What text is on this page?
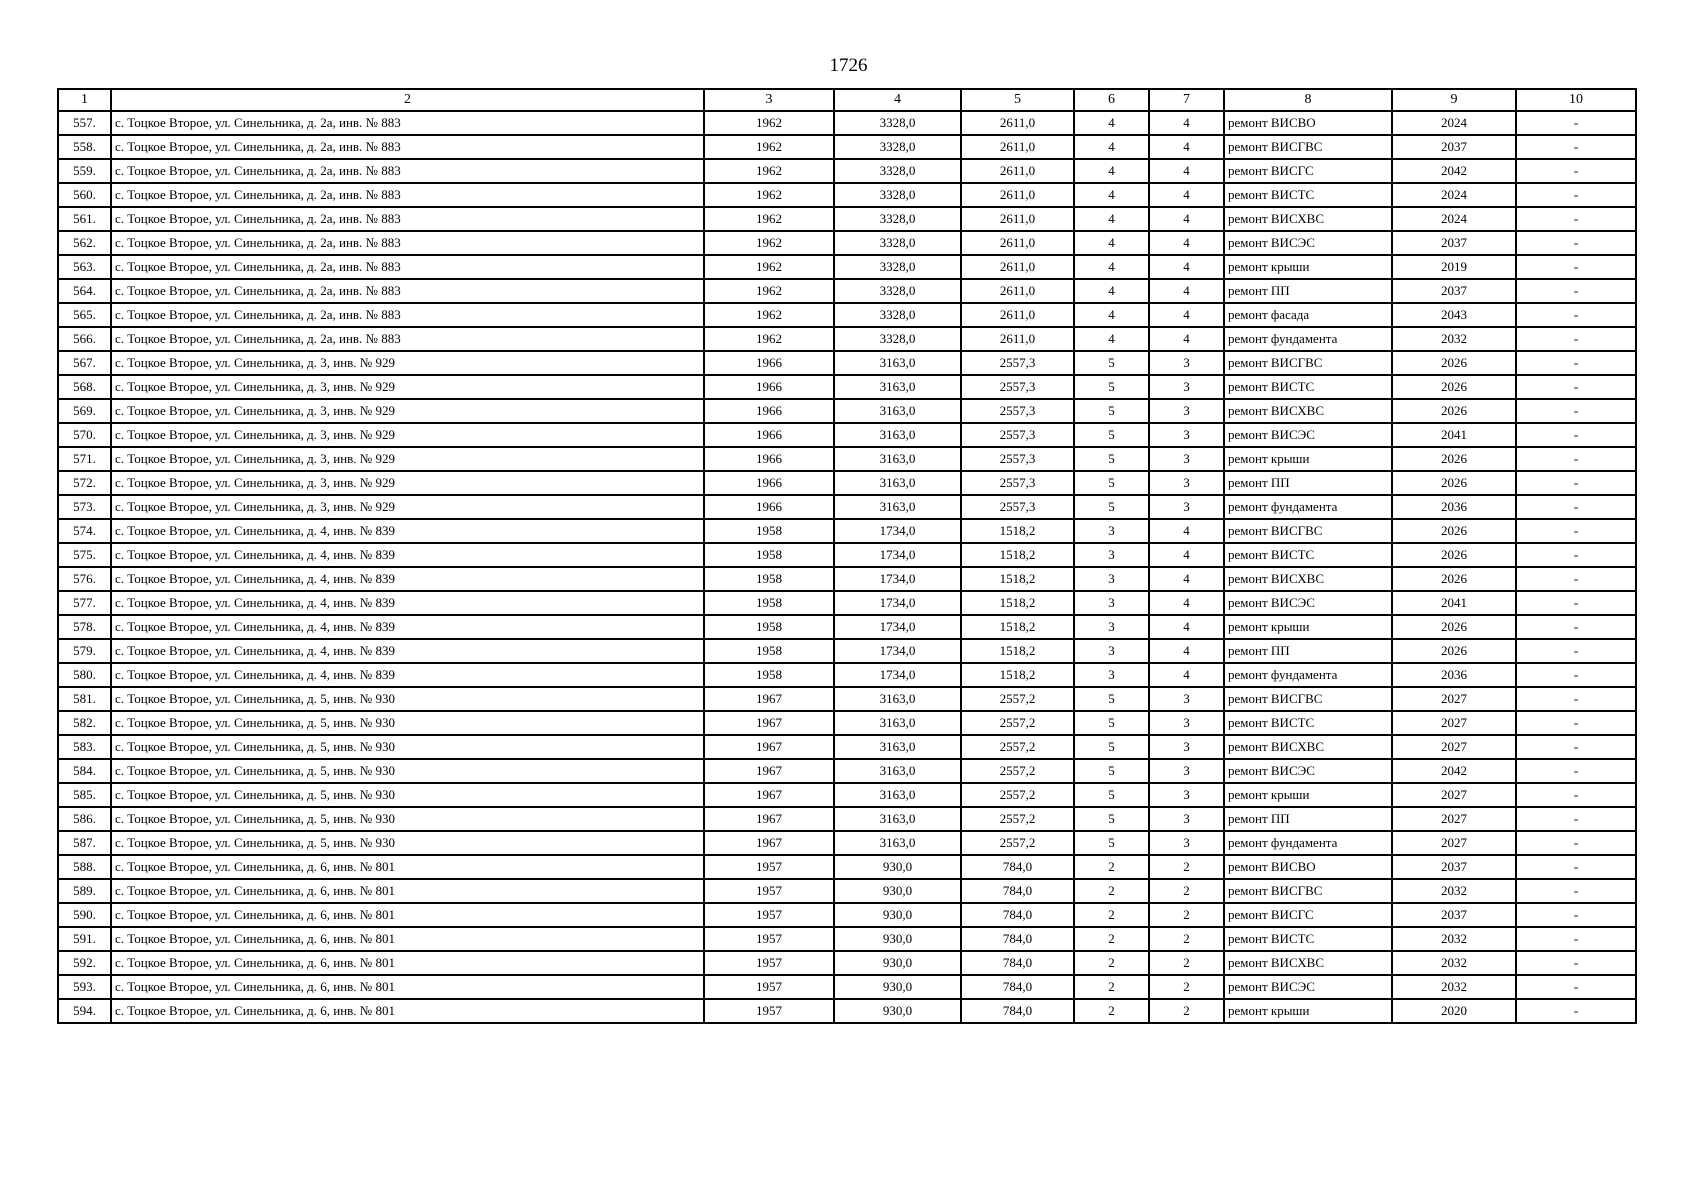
1726
1	2	3	4	5	6	7	8	9	10
557.	с. Тоцкое Второе, ул. Синельника, д. 2а, инв. № 883	1962	3328,0	2611,0	4	4	ремонт ВИСВО	2024	-
558.	с. Тоцкое Второе, ул. Синельника, д. 2а, инв. № 883	1962	3328,0	2611,0	4	4	ремонт ВИСГВС	2037	-
559.	с. Тоцкое Второе, ул. Синельника, д. 2а, инв. № 883	1962	3328,0	2611,0	4	4	ремонт ВИСГС	2042	-
560.	с. Тоцкое Второе, ул. Синельника, д. 2а, инв. № 883	1962	3328,0	2611,0	4	4	ремонт ВИСТС	2024	-
561.	с. Тоцкое Второе, ул. Синельника, д. 2а, инв. № 883	1962	3328,0	2611,0	4	4	ремонт ВИСХВС	2024	-
562.	с. Тоцкое Второе, ул. Синельника, д. 2а, инв. № 883	1962	3328,0	2611,0	4	4	ремонт ВИСЭС	2037	-
563.	с. Тоцкое Второе, ул. Синельника, д. 2а, инв. № 883	1962	3328,0	2611,0	4	4	ремонт крыши	2019	-
564.	с. Тоцкое Второе, ул. Синельника, д. 2а, инв. № 883	1962	3328,0	2611,0	4	4	ремонт ПП	2037	-
565.	с. Тоцкое Второе, ул. Синельника, д. 2а, инв. № 883	1962	3328,0	2611,0	4	4	ремонт фасада	2043	-
566.	с. Тоцкое Второе, ул. Синельника, д. 2а, инв. № 883	1962	3328,0	2611,0	4	4	ремонт фундамента	2032	-
567.	с. Тоцкое Второе, ул. Синельника, д. 3, инв. № 929	1966	3163,0	2557,3	5	3	ремонт ВИСГВС	2026	-
568.	с. Тоцкое Второе, ул. Синельника, д. 3, инв. № 929	1966	3163,0	2557,3	5	3	ремонт ВИСТС	2026	-
569.	с. Тоцкое Второе, ул. Синельника, д. 3, инв. № 929	1966	3163,0	2557,3	5	3	ремонт ВИСХВС	2026	-
570.	с. Тоцкое Второе, ул. Синельника, д. 3, инв. № 929	1966	3163,0	2557,3	5	3	ремонт ВИСЭС	2041	-
571.	с. Тоцкое Второе, ул. Синельника, д. 3, инв. № 929	1966	3163,0	2557,3	5	3	ремонт крыши	2026	-
572.	с. Тоцкое Второе, ул. Синельника, д. 3, инв. № 929	1966	3163,0	2557,3	5	3	ремонт ПП	2026	-
573.	с. Тоцкое Второе, ул. Синельника, д. 3, инв. № 929	1966	3163,0	2557,3	5	3	ремонт фундамента	2036	-
574.	с. Тоцкое Второе, ул. Синельника, д. 4, инв. № 839	1958	1734,0	1518,2	3	4	ремонт ВИСГВС	2026	-
575.	с. Тоцкое Второе, ул. Синельника, д. 4, инв. № 839	1958	1734,0	1518,2	3	4	ремонт ВИСТС	2026	-
576.	с. Тоцкое Второе, ул. Синельника, д. 4, инв. № 839	1958	1734,0	1518,2	3	4	ремонт ВИСХВС	2026	-
577.	с. Тоцкое Второе, ул. Синельника, д. 4, инв. № 839	1958	1734,0	1518,2	3	4	ремонт ВИСЭС	2041	-
578.	с. Тоцкое Второе, ул. Синельника, д. 4, инв. № 839	1958	1734,0	1518,2	3	4	ремонт крыши	2026	-
579.	с. Тоцкое Второе, ул. Синельника, д. 4, инв. № 839	1958	1734,0	1518,2	3	4	ремонт ПП	2026	-
580.	с. Тоцкое Второе, ул. Синельника, д. 4, инв. № 839	1958	1734,0	1518,2	3	4	ремонт фундамента	2036	-
581.	с. Тоцкое Второе, ул. Синельника, д. 5, инв. № 930	1967	3163,0	2557,2	5	3	ремонт ВИСГВС	2027	-
582.	с. Тоцкое Второе, ул. Синельника, д. 5, инв. № 930	1967	3163,0	2557,2	5	3	ремонт ВИСТС	2027	-
583.	с. Тоцкое Второе, ул. Синельника, д. 5, инв. № 930	1967	3163,0	2557,2	5	3	ремонт ВИСХВС	2027	-
584.	с. Тоцкое Второе, ул. Синельника, д. 5, инв. № 930	1967	3163,0	2557,2	5	3	ремонт ВИСЭС	2042	-
585.	с. Тоцкое Второе, ул. Синельника, д. 5, инв. № 930	1967	3163,0	2557,2	5	3	ремонт крыши	2027	-
586.	с. Тоцкое Второе, ул. Синельника, д. 5, инв. № 930	1967	3163,0	2557,2	5	3	ремонт ПП	2027	-
587.	с. Тоцкое Второе, ул. Синельника, д. 5, инв. № 930	1967	3163,0	2557,2	5	3	ремонт фундамента	2027	-
588.	с. Тоцкое Второе, ул. Синельника, д. 6, инв. № 801	1957	930,0	784,0	2	2	ремонт ВИСВО	2037	-
589.	с. Тоцкое Второе, ул. Синельника, д. 6, инв. № 801	1957	930,0	784,0	2	2	ремонт ВИСГВС	2032	-
590.	с. Тоцкое Второе, ул. Синельника, д. 6, инв. № 801	1957	930,0	784,0	2	2	ремонт ВИСГС	2037	-
591.	с. Тоцкое Второе, ул. Синельника, д. 6, инв. № 801	1957	930,0	784,0	2	2	ремонт ВИСТС	2032	-
592.	с. Тоцкое Второе, ул. Синельника, д. 6, инв. № 801	1957	930,0	784,0	2	2	ремонт ВИСХВС	2032	-
593.	с. Тоцкое Второе, ул. Синельника, д. 6, инв. № 801	1957	930,0	784,0	2	2	ремонт ВИСЭС	2032	-
594.	с. Тоцкое Второе, ул. Синельника, д. 6, инв. № 801	1957	930,0	784,0	2	2	ремонт крыши	2020	-
